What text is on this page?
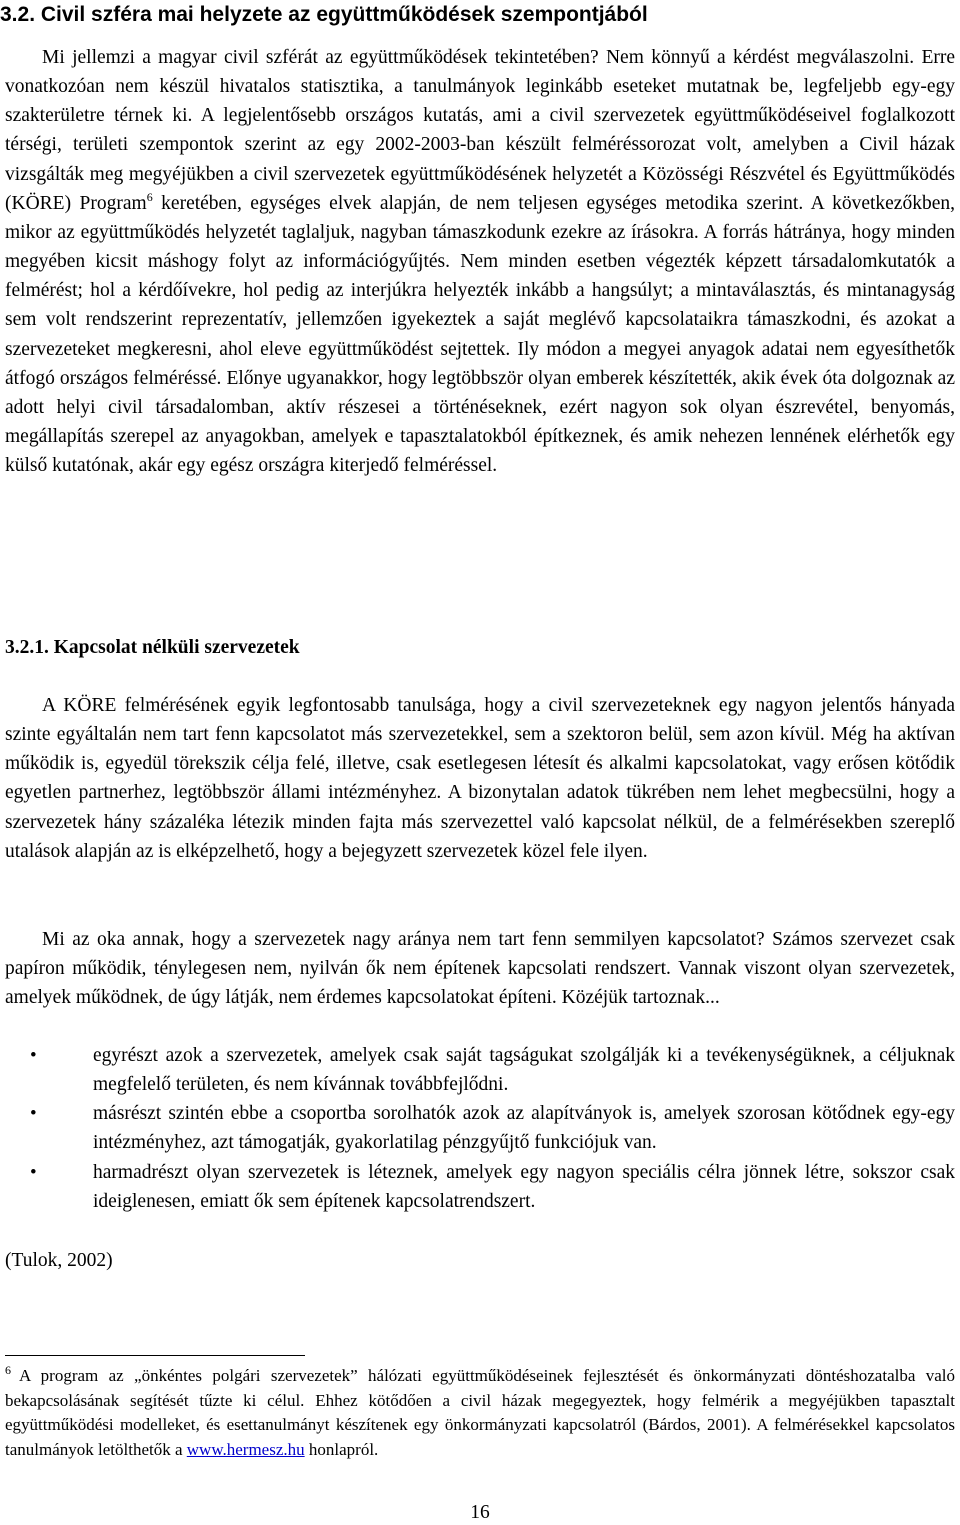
3.2. Civil szféra mai helyzete az együttműködések szempontjából

Mi jellemzi a magyar civil szférát az együttműködések tekintetében? Nem könnyű a kérdést megválaszolni. Erre vonatkozóan nem készül hivatalos statisztika, a tanulmányok leginkább eseteket mutatnak be, legfeljebb egy-egy szakterületre térnek ki. A legjelentősebb országos kutatás, ami a civil szervezetek együttműködéseivel foglalkozott térségi, területi szempontok szerint az egy 2002-2003-ban készült felméréssorozat volt, amelyben a Civil házak vizsgálták meg megyéjükben a civil szervezetek együttműködésének helyzetét a Közösségi Részvétel és Együttműködés (KÖRE) Program$^6$ keretében, egységes elvek alapján, de nem teljesen egységes metodika szerint. A következőkben, mikor az együttműködés helyzetét taglaljuk, nagyban támaszkodunk ezekre az írásokra. A forrás hátránya, hogy minden megyében kicsit máshogy folyt az információgyűjtés. Nem minden esetben végezték képzett társadalomkutatók a felmérést; hol a kérdőívekre, hol pedig az interjúkra helyezték inkább a hangsúlyt; a mintaválasztás, és mintanagyság sem volt rendszerint reprezentatív, jellemzően igyekeztek a saját meglévő kapcsolataikra támaszkodni, és azokat a szervezeteket megkeresni, ahol eleve együttműködést sejtettek. Ily módon a megyei anyagok adatai nem egyesíthetők átfogó országos felméréssé. Előnye ugyanakkor, hogy legtöbbször olyan emberek készítették, akik évek óta dolgoznak az adott helyi civil társadalomban, aktív részesei a történéseknek, ezért nagyon sok olyan észrevétel, benyomás, megállapítás szerepel az anyagokban, amelyek e tapasztalatokból építkeznek, és amik nehezen lennének elérhetők egy külső kutatónak, akár egy egész országra kiterjedő felméréssel.

3.2.1. Kapcsolat nélküli szervezetek

A KÖRE felmérésének egyik legfontosabb tanulsága, hogy a civil szervezeteknek egy nagyon jelentős hányada szinte egyáltalán nem tart fenn kapcsolatot más szervezetekkel, sem a szektoron belül, sem azon kívül. Még ha aktívan működik is, egyedül törekszik célja felé, illetve, csak esetlegesen létesít és alkalmi kapcsolatokat, vagy erősen kötődik egyetlen partnerhez, legtöbbször állami intézményhez. A bizonytalan adatok tükrében nem lehet megbecsülni, hogy a szervezetek hány százaléka létezik minden fajta más szervezettel való kapcsolat nélkül, de a felmérésekben szereplő utalások alapján az is elképzelhető, hogy a bejegyzett szervezetek közel fele ilyen.

Mi az oka annak, hogy a szervezetek nagy aránya nem tart fenn semmilyen kapcsolatot? Számos szervezet csak papíron működik, ténylegesen nem, nyilván ők nem építenek kapcsolati rendszert. Vannak viszont olyan szervezetek, amelyek működnek, de úgy látják, nem érdemes kapcsolatokat építeni. Közéjük tartoznak...

•	egyrészt azok a szervezetek, amelyek csak saját tagságukat szolgálják ki a tevékenységüknek, a céljuknak megfelelő területen, és nem kívánnak továbbfejlődni.
•	másrészt szintén ebbe a csoportba sorolhatók azok az alapítványok is, amelyek szorosan kötődnek egy-egy intézményhez, azt támogatják, gyakorlatilag pénzgyűjtő funkciójuk van.
•	harmadrészt olyan szervezetek is léteznek, amelyek egy nagyon speciális célra jönnek létre, sokszor csak ideiglenesen, emiatt ők sem építenek kapcsolatrendszert.
(Tulok, 2002)

$^6$ A program az „önkéntes polgári szervezetek” hálózati együttműködéseinek fejlesztését és önkormányzati döntéshozatalba való bekapcsolásának segítését tűzte ki célul. Ehhez kötődően a civil házak megegyeztek, hogy felmérik a megyéjükben tapasztalt együttműködési modelleket, és esettanulmányt készítenek egy önkormányzati kapcsolatról (Bárdos, 2001). A felmérésekkel kapcsolatos tanulmányok letölthetők a www.hermesz.hu honlapról.

16
